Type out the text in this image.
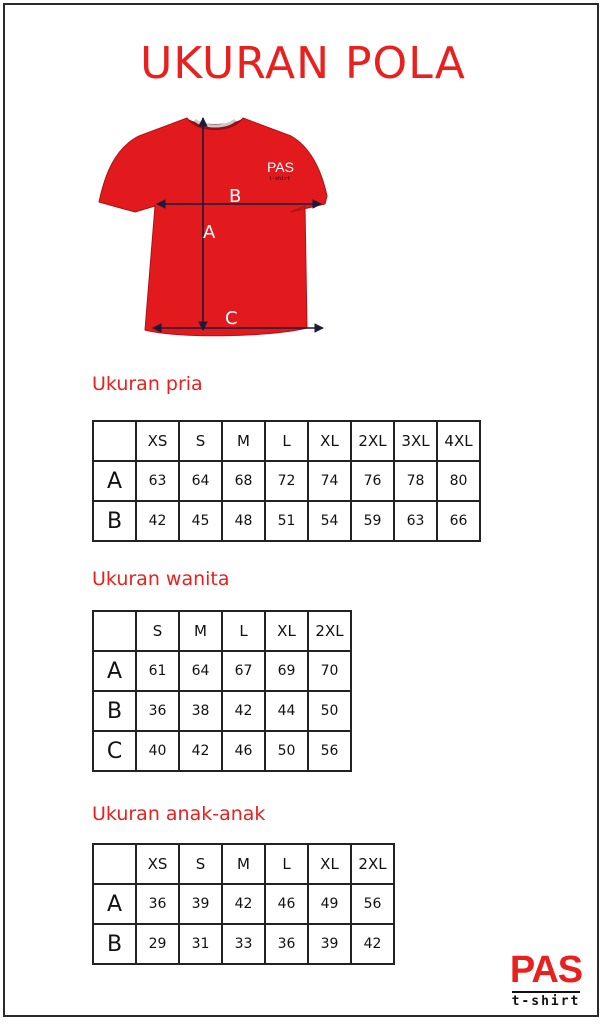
UKURAN POLA
PAS
t-shirt
A
B
C
Ukuran pria
	XS	S	M	L	XL	2XL	3XL	4XL
A	63	64	68	72	74	76	78	80
B	42	45	48	51	54	59	63	66
Ukuran wanita
	S	M	L	XL	2XL
A	61	64	67	69	70
B	36	38	42	44	50
C	40	42	46	50	56
Ukuran anak-anak
	XS	S	M	L	XL	2XL
A	36	39	42	46	49	56
B	29	31	33	36	39	42
PAS
t-shirt
